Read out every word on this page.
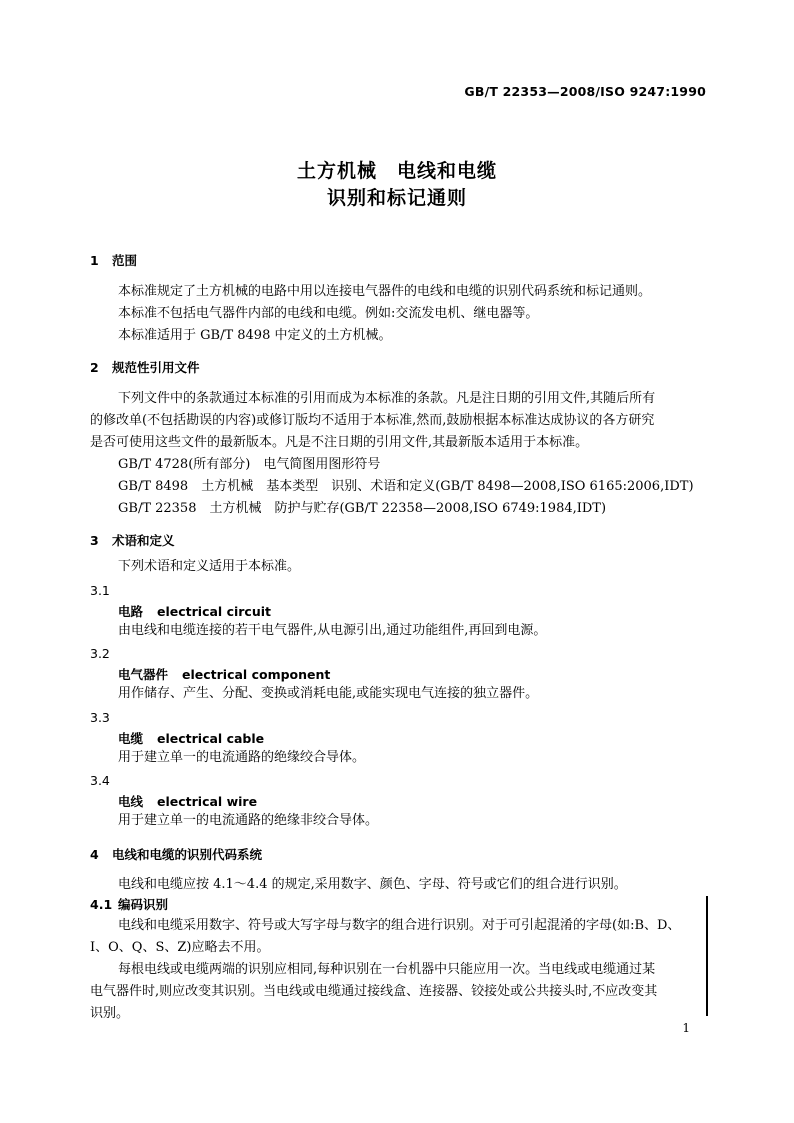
GB/T 22353—2008/ISO 9247:1990
土方机械　电线和电缆
识别和标记通则
1 范围
本标准规定了土方机械的电路中用以连接电气器件的电线和电缆的识别代码系统和标记通则。
本标准不包括电气器件内部的电线和电缆。例如:交流发电机、继电器等。
本标准适用于 GB/T 8498 中定义的土方机械。
2 规范性引用文件
下列文件中的条款通过本标准的引用而成为本标准的条款。凡是注日期的引用文件,其随后所有
的修改单(不包括勘误的内容)或修订版均不适用于本标准,然而,鼓励根据本标准达成协议的各方研究
是否可使用这些文件的最新版本。凡是不注日期的引用文件,其最新版本适用于本标准。
GB/T 4728(所有部分)　电气简图用图形符号
GB/T 8498　土方机械　基本类型　识别、术语和定义(GB/T 8498—2008,ISO 6165:2006,IDT)
GB/T 22358　土方机械　防护与贮存(GB/T 22358—2008,ISO 6749:1984,IDT)
3 术语和定义
下列术语和定义适用于本标准。
3.1
电路 electrical circuit
由电线和电缆连接的若干电气器件,从电源引出,通过功能组件,再回到电源。
3.2
电气器件 electrical component
用作储存、产生、分配、变换或消耗电能,或能实现电气连接的独立器件。
3.3
电缆 electrical cable
用于建立单一的电流通路的绝缘绞合导体。
3.4
电线 electrical wire
用于建立单一的电流通路的绝缘非绞合导体。
4 电线和电缆的识别代码系统
电线和电缆应按 4.1～4.4 的规定,采用数字、颜色、字母、符号或它们的组合进行识别。
4.1 编码识别
电线和电缆采用数字、符号或大写字母与数字的组合进行识别。对于可引起混淆的字母(如:B、D、
I、O、Q、S、Z)应略去不用。
每根电线或电缆两端的识别应相同,每种识别在一台机器中只能应用一次。当电线或电缆通过某
电气器件时,则应改变其识别。当电线或电缆通过接线盒、连接器、铰接处或公共接头时,不应改变其
识别。
1
